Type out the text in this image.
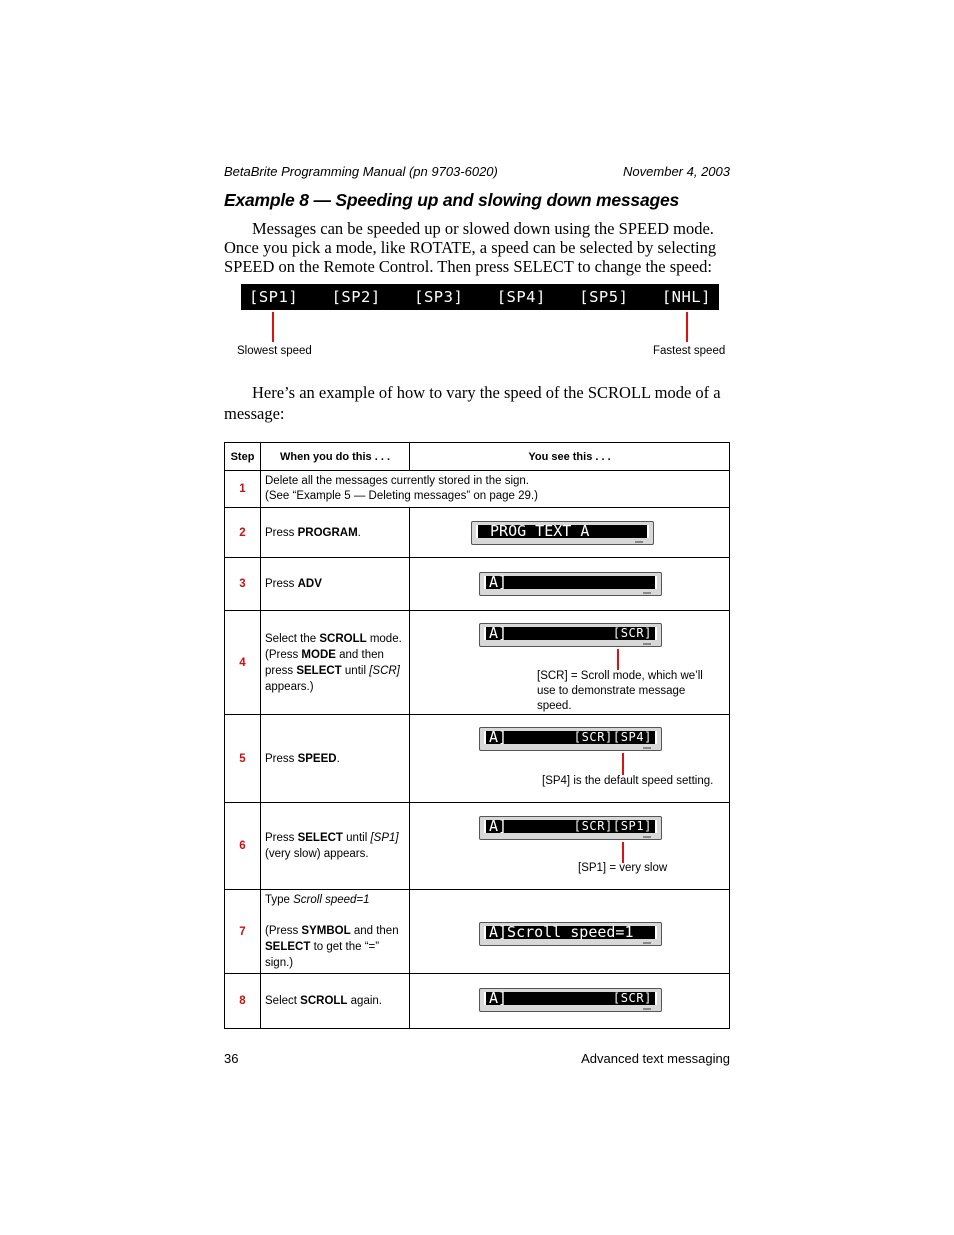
BetaBrite Programming Manual (pn 9703-6020)	November 4, 2003
Example 8 — Speeding up and slowing down messages
Messages can be speeded up or slowed down using the SPEED mode. Once you pick a mode, like ROTATE, a speed can be selected by selecting SPEED on the Remote Control. Then press SELECT to change the speed:
[SP1] [SP2] [SP3] [SP4] [SP5] [NHL]
Slowest speed	Fastest speed
Here’s an example of how to vary the speed of the SCROLL mode of a message:
Step	When you do this . . .	You see this . . .
1	Delete all the messages currently stored in the sign.
(See “Example 5 — Deleting messages” on page 29.)	

2	Press PROGRAM.	PROG TEXT A

3	Press ADV	A]

4	Select the SCROLL mode. (Press MODE and then press SELECT until [SCR] appears.)	A] [SCR]
[SCR] = Scroll mode, which we’ll use to demonstrate message speed.

5	Press SPEED.	A] [SCR][SP4]
[SP4] is the default speed setting.

6	Press SELECT until [SP1] (very slow) appears.	A] [SCR][SP1]
[SP1] = very slow

7	Type Scroll speed=1
(Press SYMBOL and then SELECT to get the “=” sign.)	A]Scroll speed=1

8	Select SCROLL again.	A] [SCR]
36	Advanced text messaging
